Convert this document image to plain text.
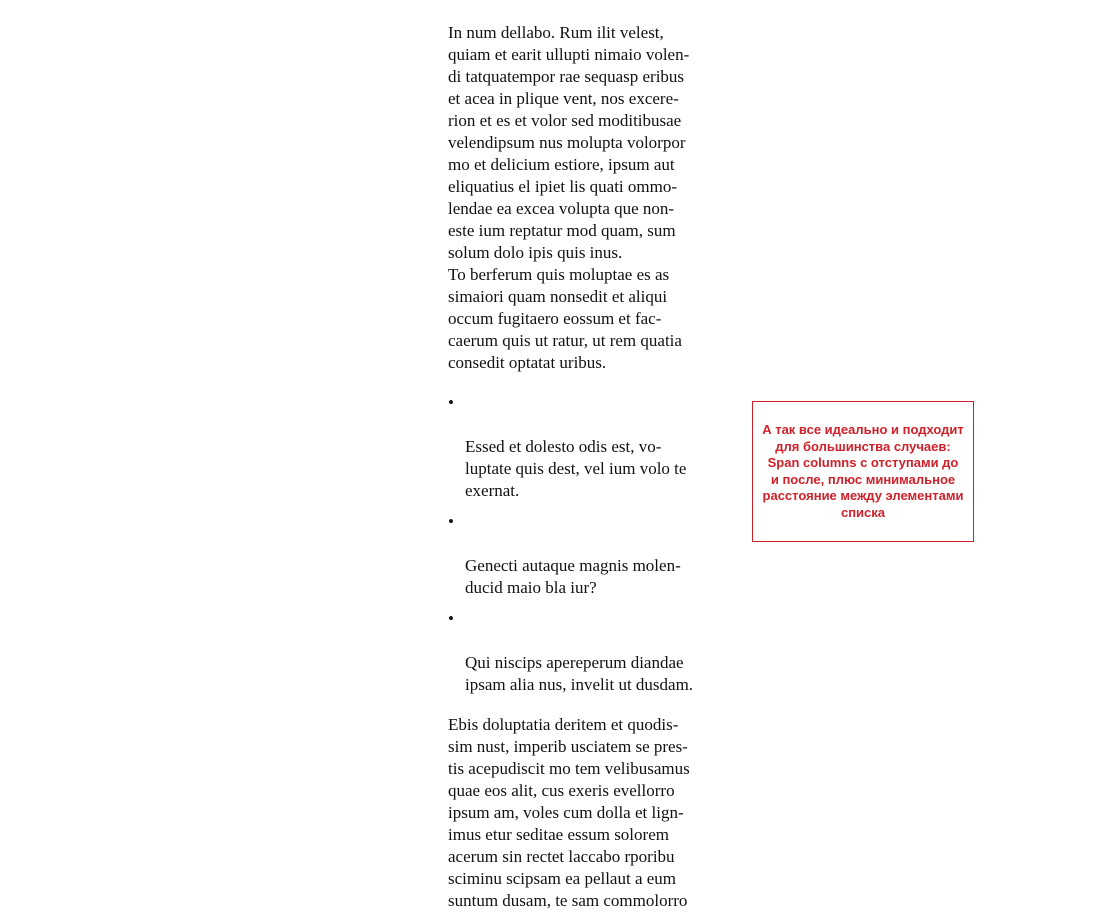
In num dellabo. Rum ilit velest,
quiam et earit ullupti nimaio volen-
di tatquatempor rae sequasp eribus
et acea in plique vent, nos excere-
rion et es et volor sed moditibusae
velendipsum nus molupta volorpor
mo et delicium estiore, ipsum aut
eliquatius el ipiet lis quati ommo-
lendae ea excea volupta que non-
este ium reptatur mod quam, sum
solum dolo ipis quis inus.

To berferum quis moluptae es as
simaiori quam nonsedit et aliqui
occum fugitaero eossum et fac-
caerum quis ut ratur, ut rem quatia
consedit optatat uribus.

•

Essed et dolesto odis est, vo-
luptate quis dest, vel ium volo te
exernat.

•

Genecti autaque magnis molen-
ducid maio bla iur?

•

Qui niscips apereperum diandae
ipsam alia nus, invelit ut dusdam.

Ebis doluptatia deritem et quodis-
sim nust, imperib usciatem se pres-
tis acepudiscit mo tem velibusamus
quae eos alit, cus exeris evellorro
ipsum am, voles cum dolla et lign-
imus etur seditae essum solorem
acerum sin rectet laccabo rporibu
sciminu scipsam ea pellaut a eum
suntum dusam, te sam commolorro

А так все идеально и подходит
для большинства случаев:
Span columns с отступами до
и после, плюс минимальное
расстояние между элементами
списка
